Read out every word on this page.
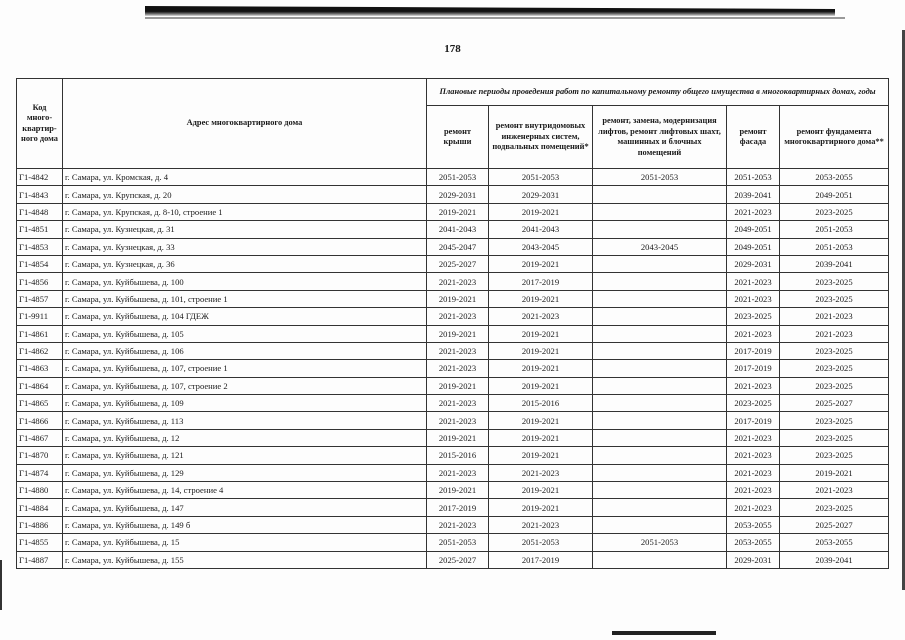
178
Код много-квартир-ного дома	Адрес многоквартирного дома	Плановые периоды проведения работ по капитальному ремонту общего имущества в многоквартирных домах, годы				
		ремонт крыши	ремонт внутридомовых инженерных систем, подвальных помещений*	ремонт, замена, модернизация лифтов, ремонт лифтовых шахт, машинных и блочных помещений	ремонт фасада	ремонт фундамента многоквартирного дома**
Г1-4842	г. Самара, ул. Кромская, д. 4	2051-2053	2051-2053	2051-2053	2051-2053	2053-2055
Г1-4843	г. Самара, ул. Крупская, д. 20	2029-2031	2029-2031		2039-2041	2049-2051
Г1-4848	г. Самара, ул. Крупская, д. 8-10, строение 1	2019-2021	2019-2021		2021-2023	2023-2025
Г1-4851	г. Самара, ул. Кузнецкая, д. 31	2041-2043	2041-2043		2049-2051	2051-2053
Г1-4853	г. Самара, ул. Кузнецкая, д. 33	2045-2047	2043-2045	2043-2045	2049-2051	2051-2053
Г1-4854	г. Самара, ул. Кузнецкая, д. 36	2025-2027	2019-2021		2029-2031	2039-2041
Г1-4856	г. Самара, ул. Куйбышева, д. 100	2021-2023	2017-2019		2021-2023	2023-2025
Г1-4857	г. Самара, ул. Куйбышева, д. 101, строение 1	2019-2021	2019-2021		2021-2023	2023-2025
Г1-9911	г. Самара, ул. Куйбышева, д. 104 ГДЕЖ	2021-2023	2021-2023		2023-2025	2021-2023
Г1-4861	г. Самара, ул. Куйбышева, д. 105	2019-2021	2019-2021		2021-2023	2021-2023
Г1-4862	г. Самара, ул. Куйбышева, д. 106	2021-2023	2019-2021		2017-2019	2023-2025
Г1-4863	г. Самара, ул. Куйбышева, д. 107, строение 1	2021-2023	2019-2021		2017-2019	2023-2025
Г1-4864	г. Самара, ул. Куйбышева, д. 107, строение 2	2019-2021	2019-2021		2021-2023	2023-2025
Г1-4865	г. Самара, ул. Куйбышева, д. 109	2021-2023	2015-2016		2023-2025	2025-2027
Г1-4866	г. Самара, ул. Куйбышева, д. 113	2021-2023	2019-2021		2017-2019	2023-2025
Г1-4867	г. Самара, ул. Куйбышева, д. 12	2019-2021	2019-2021		2021-2023	2023-2025
Г1-4870	г. Самара, ул. Куйбышева, д. 121	2015-2016	2019-2021		2021-2023	2023-2025
Г1-4874	г. Самара, ул. Куйбышева, д. 129	2021-2023	2021-2023		2021-2023	2019-2021
Г1-4880	г. Самара, ул. Куйбышева, д. 14, строение 4	2019-2021	2019-2021		2021-2023	2021-2023
Г1-4884	г. Самара, ул. Куйбышева, д. 147	2017-2019	2019-2021		2021-2023	2023-2025
Г1-4886	г. Самара, ул. Куйбышева, д. 149 б	2021-2023	2021-2023		2053-2055	2025-2027
Г1-4855	г. Самара, ул. Куйбышева, д. 15	2051-2053	2051-2053	2051-2053	2053-2055	2053-2055
Г1-4887	г. Самара, ул. Куйбышева, д. 155	2025-2027	2017-2019		2029-2031	2039-2041
